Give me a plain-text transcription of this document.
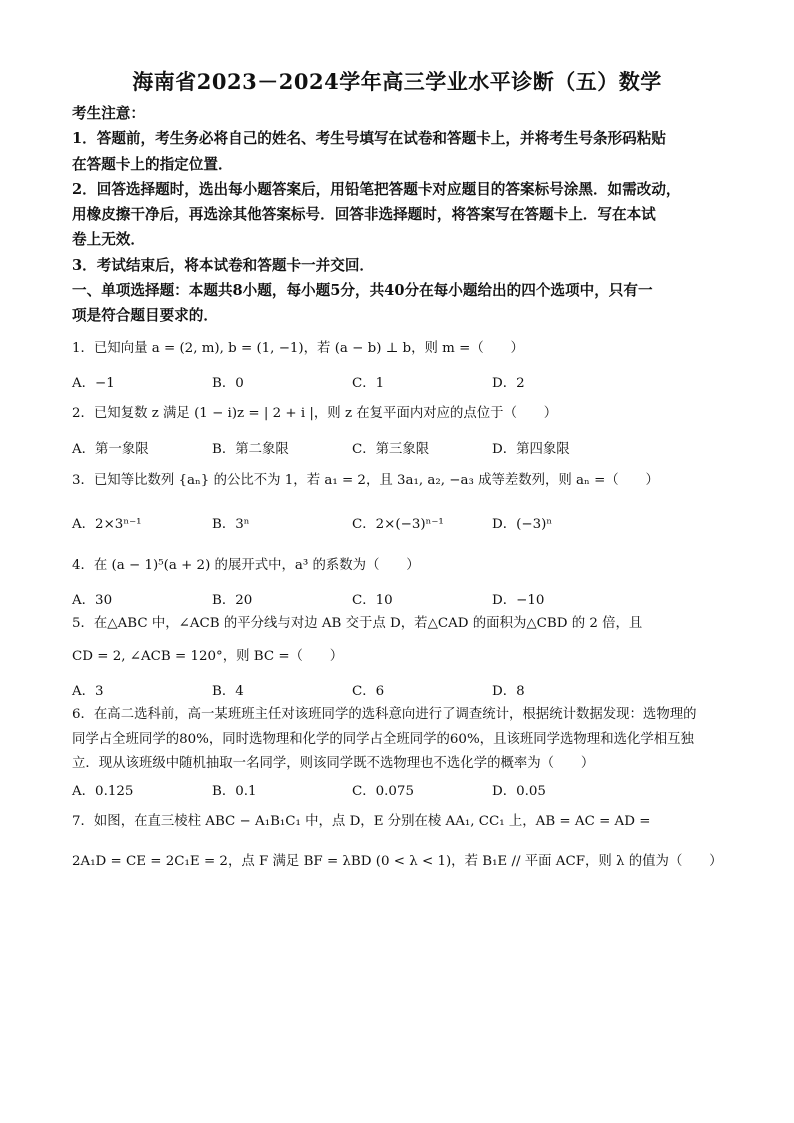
海南省2023－2024学年高三学业水平诊断（五）数学
考生注意：
1．答题前，考生务必将自己的姓名、考生号填写在试卷和答题卡上，并将考生号条形码粘贴
在答题卡上的指定位置．
2．回答选择题时，选出每小题答案后，用铅笔把答题卡对应题目的答案标号涂黑．如需改动，
用橡皮擦干净后，再选涂其他答案标号．回答非选择题时，将答案写在答题卡上．写在本试
卷上无效．
3．考试结束后，将本试卷和答题卡一并交回．
一、单项选择题：本题共8小题，每小题5分，共40分在每小题给出的四个选项中，只有一
项是符合题目要求的．
1．已知向量 a = (2, m), b = (1, −1)，若 (a − b) ⊥ b，则 m =（　　）
A．−1	B．0	C．1	D．2
2．已知复数 z 满足 (1 − i)z = | 2 + i |，则 z 在复平面内对应的点位于（　　）
A．第一象限	B．第二象限	C．第三象限	D．第四象限
3．已知等比数列 {aₙ} 的公比不为 1，若 a₁ = 2，且 3a₁, a₂, −a₃ 成等差数列，则 aₙ =（　　）
A．2×3ⁿ⁻¹	B．3ⁿ	C．2×(−3)ⁿ⁻¹	D．(−3)ⁿ
4．在 (a − 1)⁵(a + 2) 的展开式中，a³ 的系数为（　　）
A．30	B．20	C．10	D．−10
5．在△ABC 中，∠ACB 的平分线与对边 AB 交于点 D，若△CAD 的面积为△CBD 的 2 倍，且
CD = 2, ∠ACB = 120°，则 BC =（　　）
A．3	B．4	C．6	D．8
6．在高二选科前，高一某班班主任对该班同学的选科意向进行了调查统计，根据统计数据发现：选物理的
同学占全班同学的80%，同时选物理和化学的同学占全班同学的60%，且该班同学选物理和选化学相互独
立．现从该班级中随机抽取一名同学，则该同学既不选物理也不选化学的概率为（　　）
A．0.125	B．0.1	C．0.075	D．0.05
7．如图，在直三棱柱 ABC − A₁B₁C₁ 中，点 D，E 分别在棱 AA₁, CC₁ 上，AB = AC = AD =
2A₁D = CE = 2C₁E = 2，点 F 满足 BF = λBD (0 < λ < 1)，若 B₁E // 平面 ACF，则 λ 的值为（　　）
